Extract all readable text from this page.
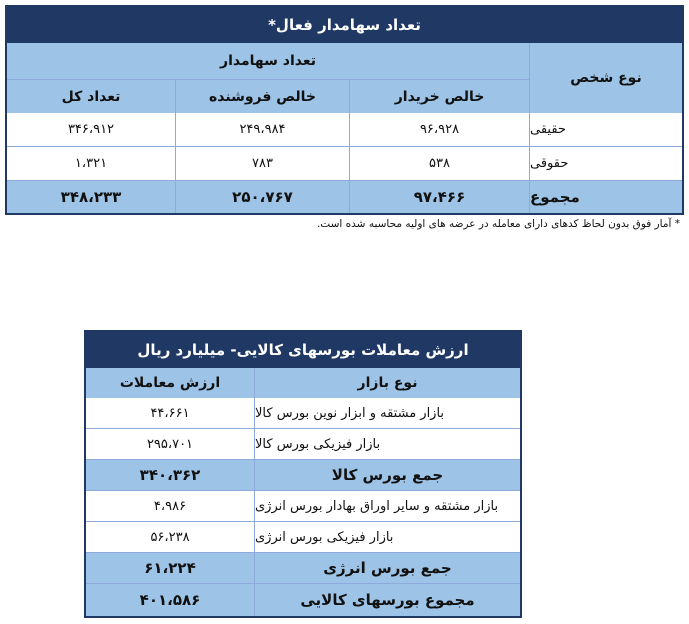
تعداد سهامدار فعال*
نوع شخص
تعداد سهامدار
خالص خریدار
خالص فروشنده
تعداد کل
حقیقی
۹۶،۹۲۸
۲۴۹،۹۸۴
۳۴۶،۹۱۲
حقوقی
۵۳۸
۷۸۳
۱،۳۲۱
مجموع
۹۷،۴۶۶
۲۵۰،۷۶۷
۳۴۸،۲۳۳
* آمار فوق بدون لحاظ کدهای دارای معامله در عرضه های اولیه محاسبه شده است.
ارزش معاملات بورسهای کالایی- میلیارد ریال
نوع بازار
ارزش معاملات
بازار مشتقه و ابزار نوین بورس کالا
۴۴،۶۶۱
بازار فیزیکی بورس کالا
۲۹۵،۷۰۱
جمع بورس کالا
۳۴۰،۳۶۲
بازار مشتقه و سایر اوراق بهادار بورس انرژی
۴،۹۸۶
بازار فیزیکی بورس انرژی
۵۶،۲۳۸
جمع بورس انرژی
۶۱،۲۲۴
مجموع بورسهای کالایی
۴۰۱،۵۸۶
